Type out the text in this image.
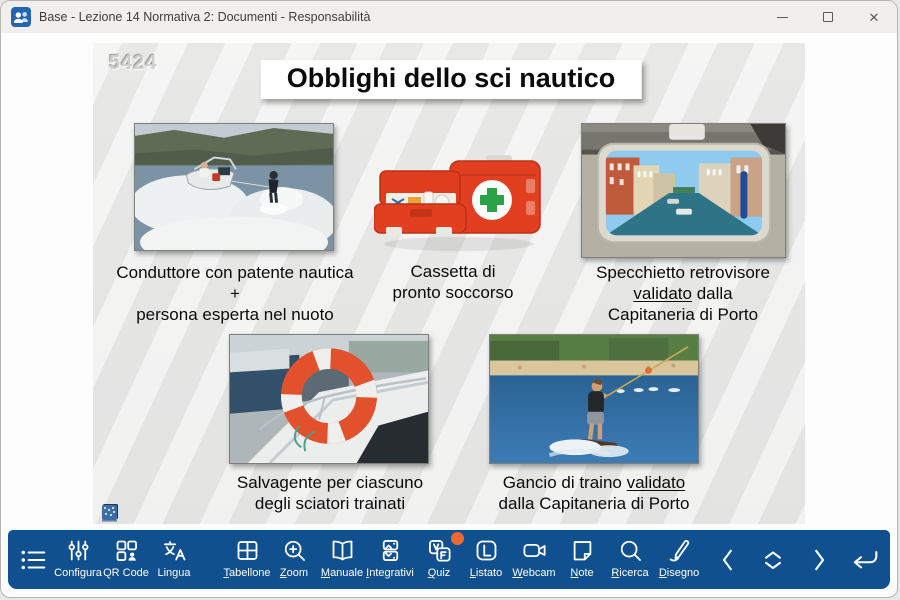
Base - Lezione 14 Normativa 2: Documenti - Responsabilità	✕
5424	Obblighi dello sci nautico
Conduttore con patente nautica
+
persona esperta nel nuoto
Cassetta di
pronto soccorso
Specchietto retrovisore
validato dalla
Capitaneria di Porto
Salvagente per ciascuno
degli sciatori trainati
Gancio di traino validato
dalla Capitaneria di Porto
Configura QR Code Lingua	Tabellone Zoom Manuale Integrativi Quiz Listato Webcam Note Ricerca Disegno
